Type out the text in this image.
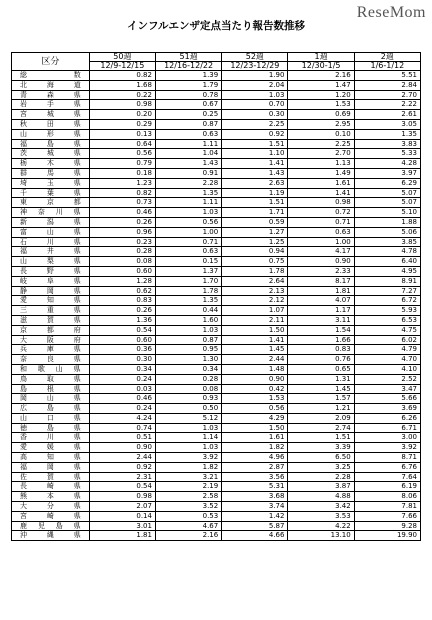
ReseMom
インフルエンザ定点当たり報告数推移
区分	50週	51週	52週	1週	2週
	12/9-12/15	12/16-12/22	12/23-12/29	12/30-1/5	1/6-1/12

総 数	0.82	1.39	1.90	2.16	5.51

北 海 道	1.68	1.79	2.04	1.47	2.84

青 森 県	0.22	0.78	1.03	1.20	2.70

岩 手 県	0.98	0.67	0.70	1.53	2.22

宮 城 県	0.20	0.25	0.30	0.69	2.61

秋 田 県	0.29	0.87	2.25	2.95	3.05

山 形 県	0.13	0.63	0.92	0.10	1.35

福 島 県	0.64	1.11	1.51	2.25	3.83

茨 城 県	0.56	1.04	1.10	2.70	5.33

栃 木 県	0.79	1.43	1.41	1.13	4.28

群 馬 県	0.18	0.91	1.43	1.49	3.97

埼 玉 県	1.23	2.28	2.63	1.61	6.29

千 葉 県	0.82	1.35	1.19	1.41	5.07

東 京 都	0.73	1.11	1.51	0.98	5.07

神 奈 川 県	0.46	1.03	1.71	0.72	5.10

新 潟 県	0.26	0.56	0.59	0.71	1.88

富 山 県	0.96	1.00	1.27	0.63	5.06

石 川 県	0.23	0.71	1.25	1.00	3.85

福 井 県	0.28	0.63	0.94	4.17	4.78

山 梨 県	0.08	0.15	0.75	0.90	6.40

長 野 県	0.60	1.37	1.78	2.33	4.95

岐 阜 県	1.28	1.70	2.64	8.17	8.91

静 岡 県	0.62	1.78	2.13	1.81	7.27

愛 知 県	0.83	1.35	2.12	4.07	6.72

三 重 県	0.26	0.44	1.07	1.17	5.93

滋 賀 県	1.36	1.60	2.11	3.11	6.53

京 都 府	0.54	1.03	1.50	1.54	4.75

大 阪 府	0.60	0.87	1.41	1.66	6.02

兵 庫 県	0.36	0.95	1.45	0.83	4.79

奈 良 県	0.30	1.30	2.44	0.76	4.70

和 歌 山 県	0.34	0.34	1.48	0.65	4.10

鳥 取 県	0.24	0.28	0.90	1.31	2.52

島 根 県	0.03	0.08	0.42	1.45	3.47

岡 山 県	0.46	0.93	1.53	1.57	5.66

広 島 県	0.24	0.50	0.56	1.21	3.69

山 口 県	4.24	5.12	4.29	2.09	6.26

徳 島 県	0.74	1.03	1.50	2.74	6.71

香 川 県	0.51	1.14	1.61	1.51	3.00

愛 媛 県	0.90	1.03	1.82	3.39	3.92

高 知 県	2.44	3.92	4.96	6.50	8.71

福 岡 県	0.92	1.82	2.87	3.25	6.76

佐 賀 県	2.31	3.21	3.56	2.28	7.64

長 崎 県	0.54	2.19	5.31	3.87	6.19

熊 本 県	0.98	2.58	3.68	4.88	8.06

大 分 県	2.07	3.52	3.74	3.42	7.81

宮 崎 県	0.14	0.53	1.42	3.53	7.66

鹿 児 島 県	3.01	4.67	5.87	4.22	9.28

沖 縄 県	1.81	2.16	4.66	13.10	19.90
